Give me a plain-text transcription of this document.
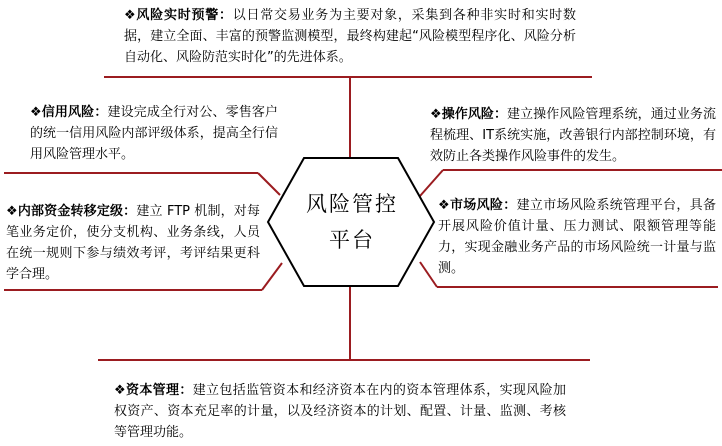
风险管控
平台
❖风险实时预警：以日常交易业务为主要对象，采集到各种非实时和实时数据，建立全面、丰富的预警监测模型，最终构建起“风险模型程序化、风险分析自动化、风险防范实时化”的先进体系。
❖信用风险：建设完成全行对公、零售客户的统一信用风险内部评级体系，提高全行信用风险管理水平。
❖操作风险：建立操作风险管理系统，通过业务流程梳理、IT系统实施，改善银行内部控制环境，有效防止各类操作风险事件的发生。
❖内部资金转移定级：建立 FTP 机制，对每笔业务定价，使分支机构、业务条线，人员在统一规则下参与绩效考评，考评结果更科学合理。
❖市场风险：建立市场风险系统管理平台，具备开展风险价值计量、压力测试、限额管理等能力，实现金融业务产品的市场风险统一计量与监测。
❖资本管理：建立包括监管资本和经济资本在内的资本管理体系，实现风险加权资产、资本充足率的计量，以及经济资本的计划、配置、计量、监测、考核等管理功能。
